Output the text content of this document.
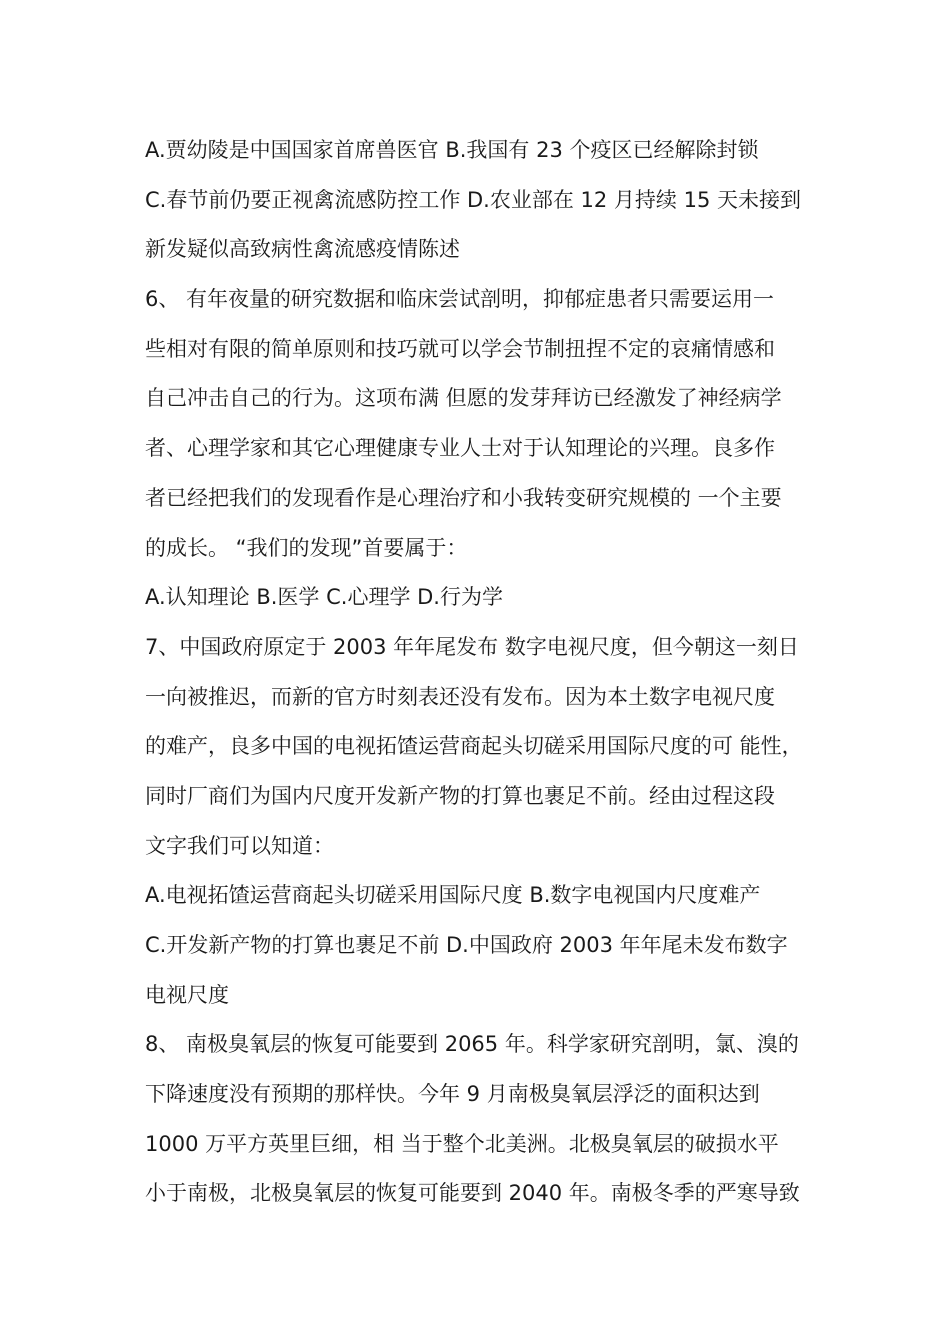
A.贾幼陵是中国国家首席兽医官 B.我国有 23 个疫区已经解除封锁
C.春节前仍要正视禽流感防控工作 D.农业部在 12 月持续 15 天未接到
新发疑似高致病性禽流感疫情陈述
6、 有年夜量的研究数据和临床尝试剖明，抑郁症患者只需要运用一
些相对有限的简单原则和技巧就可以学会节制扭捏不定的哀痛情感和
自己冲击自己的行为。这项布满 但愿的发芽拜访已经激发了神经病学
者、心理学家和其它心理健康专业人士对于认知理论的兴理。良多作
者已经把我们的发现看作是心理治疗和小我转变研究规模的 一个主要
的成长。 “我们的发现”首要属于：
A.认知理论 B.医学 C.心理学 D.行为学
7、中国政府原定于 2003 年年尾发布 数字电视尺度，但今朝这一刻日
一向被推迟，而新的官方时刻表还没有发布。因为本土数字电视尺度
的难产，良多中国的电视拓馇运营商起头切磋采用国际尺度的可 能性，
同时厂商们为国内尺度开发新产物的打算也裹足不前。经由过程这段
文字我们可以知道：
A.电视拓馇运营商起头切磋采用国际尺度 B.数字电视国内尺度难产
C.开发新产物的打算也裹足不前 D.中国政府 2003 年年尾未发布数字
电视尺度
8、 南极臭氧层的恢复可能要到 2065 年。科学家研究剖明，氯、溴的
下降速度没有预期的那样快。今年 9 月南极臭氧层浮泛的面积达到
1000 万平方英里巨细，相 当于整个北美洲。北极臭氧层的破损水平
小于南极，北极臭氧层的恢复可能要到 2040 年。南极冬季的严寒导致
